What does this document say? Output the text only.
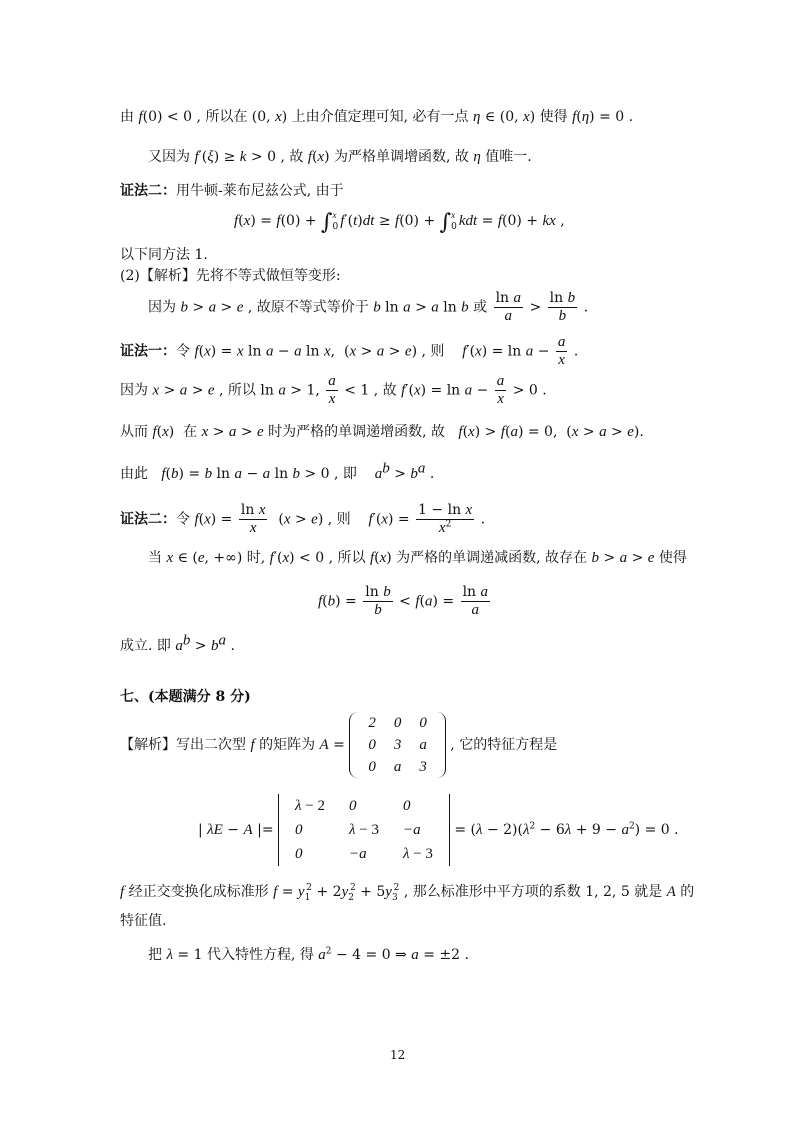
由 f(0) < 0 , 所以在 (0, x) 上由介值定理可知, 必有一点 η ∈ (0, x) 使得 f(η) = 0 .
又因为 f′(ξ) ≥ k > 0 , 故 f(x) 为严格单调增函数, 故 η 值唯一.
证法二：用牛顿-莱布尼兹公式, 由于
f(x) = f(0) + ∫x
0 f′(t)dt ≥ f(0) + ∫x
0 kdt = f(0) + kx ,
以下同方法 1.
(2)【解析】先将不等式做恒等变形:
因为 b > a > e , 故原不等式等价于 b ln a > a ln b 或 $\frac{\text{ln a}}{a} > \frac{\text{ln b}}{b}$ .
证法一：令 f(x) = x ln a − a ln x,  (x > a > e) , 则    $f'(x) = \ln a - \frac{a}{x}$ .
因为 x > a > e , 所以 ln a > 1, $\frac{a}{x} < 1$ , 故 $f'(x) = \ln a - \frac{a}{x} > 0$ .
从而 f(x)  在 x > a > e 时为严格的单调递增函数, 故   f(x) > f(a) = 0,  (x > a > e).
由此   f(b) = b ln a − a ln b > 0 , 即    $a^b > b^a$ .
证法二：令 $f(x) = \frac{\text{ln x}}{x} (x > e)$ , 则    $f'(x) = \frac{\text{1 − ln x}}{x^2}$ .
当 x ∈ (e, +∞) 时, f′(x) < 0 , 所以 f(x) 为严格的单调递减函数, 故存在 b > a > e 使得
$f(b) = \frac{\text{ln b}}{b} < f(a) = \frac{\text{ln a}}{a}$
成立. 即 $a^b > b^a$ .
七、(本题满分 8 分)
【解析】写出二次型 f 的矩阵为 A =
2	0	0
0	3	a
0	a	3
, 它的特征方程是
| λE − A |=
λ − 2	0	0
0	λ − 3	−a
0	−a	λ − 3
= $(\lambda - 2)(\lambda^2 - 6\lambda + 9 - a^2) = 0$ .
f 经正交变换化成标准形 $f = y_1^2 + 2y_2^2 + 5y_3^2$ , 那么标准形中平方项的系数 1, 2, 5 就是 A 的
特征值.
把 λ = 1 代入特性方程, 得 $a^2 - 4 = 0$ ⇒ a = ±2 .
12
